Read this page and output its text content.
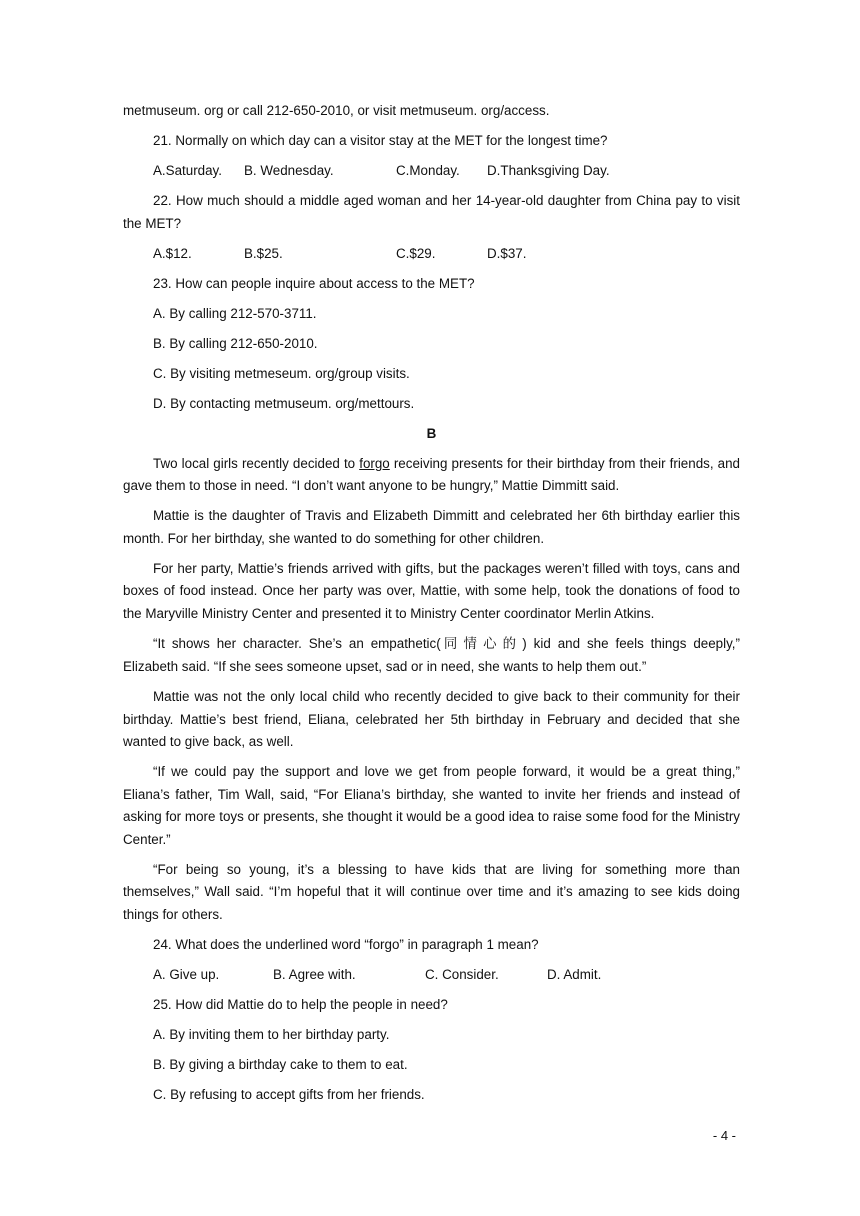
metmuseum. org or call 212-650-2010, or visit metmuseum. org/access.

21. Normally on which day can a visitor stay at the MET for the longest time?

A.Saturday.	B. Wednesday.	C.Monday.	D.Thanksgiving Day.

22. How much should a middle aged woman and her 14-year-old daughter from China pay to visit the MET?

A.$12.	B.$25.	C.$29.	D.$37.

23. How can people inquire about access to the MET?

A. By calling 212-570-3711.
B. By calling 212-650-2010.
C. By visiting metmeseum. org/group visits.
D. By contacting metmuseum. org/mettours.
B

Two local girls recently decided to forgo receiving presents for their birthday from their friends, and gave them to those in need. “I don’t want anyone to be hungry,” Mattie Dimmitt said.

Mattie is the daughter of Travis and Elizabeth Dimmitt and celebrated her 6th birthday earlier this month. For her birthday, she wanted to do something for other children.

For her party, Mattie’s friends arrived with gifts, but the packages weren’t filled with toys, cans and boxes of food instead. Once her party was over, Mattie, with some help, took the donations of food to the Maryville Ministry Center and presented it to Ministry Center coordinator Merlin Atkins.

“It shows her character. She’s an empathetic(同情心的) kid and she feels things deeply,” Elizabeth said. “If she sees someone upset, sad or in need, she wants to help them out.”

Mattie was not the only local child who recently decided to give back to their community for their birthday. Mattie’s best friend, Eliana, celebrated her 5th birthday in February and decided that she wanted to give back, as well.

“If we could pay the support and love we get from people forward, it would be a great thing,” Eliana’s father, Tim Wall, said, “For Eliana’s birthday, she wanted to invite her friends and instead of asking for more toys or presents, she thought it would be a good idea to raise some food for the Ministry Center.”

“For being so young, it’s a blessing to have kids that are living for something more than themselves,” Wall said. “I’m hopeful that it will continue over time and it’s amazing to see kids doing things for others.

24. What does the underlined word “forgo” in paragraph 1 mean?

A. Give up.	B. Agree with.	C. Consider.	D. Admit.

25. How did Mattie do to help the people in need?

A. By inviting them to her birthday party.
B. By giving a birthday cake to them to eat.
C. By refusing to accept gifts from her friends.
- 4 -
